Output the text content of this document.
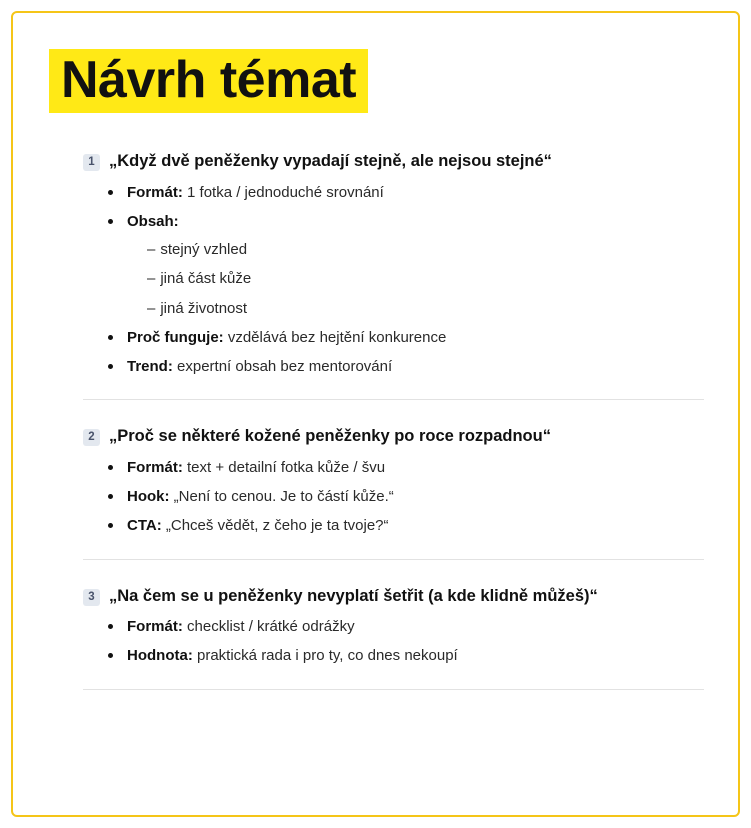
Návrh témat
1 „Když dvě peněženky vypadají stejně, ale nejsou stejné“
Formát: 1 fotka / jednoduché srovnání
Obsah:
– stejný vzhled
– jiná část kůže
– jiná životnost
Proč funguje: vzdělává bez hejtění konkurence
Trend: expertní obsah bez mentorování
2 „Proč se některé kožené peněženky po roce rozpadnou“
Formát: text + detailní fotka kůže / švu
Hook: „Není to cenou. Je to částí kůže.“
CTA: „Chceš vědět, z čeho je ta tvoje?“
3 „Na čem se u peněženky nevyplatí šetřit (a kde klidně můžeš)“
Formát: checklist / krátké odrážky
Hodnota: praktická rada i pro ty, co dnes nekoupí
